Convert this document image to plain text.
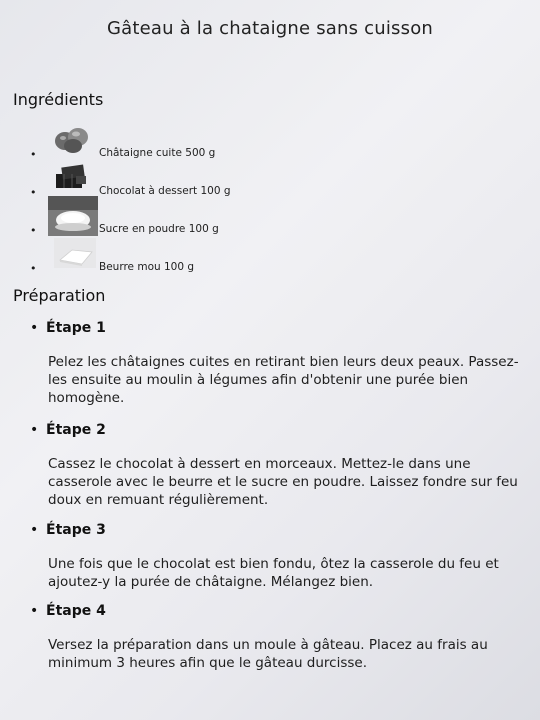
Gâteau à la chataigne sans cuisson
Ingrédients
•	Châtaigne cuite 500 g
•	Chocolat à dessert 100 g
•	Sucre en poudre 100 g
•	Beurre mou 100 g
Préparation
• Étape 1
Pelez les châtaignes cuites en retirant bien leurs deux peaux. Passez-les ensuite au moulin à légumes afin d'obtenir une purée bien homogène.
• Étape 2
Cassez le chocolat à dessert en morceaux. Mettez-le dans une casserole avec le beurre et le sucre en poudre. Laissez fondre sur feu doux en remuant régulièrement.
• Étape 3
Une fois que le chocolat est bien fondu, ôtez la casserole du feu et ajoutez-y la purée de châtaigne. Mélangez bien.
• Étape 4
Versez la préparation dans un moule à gâteau. Placez au frais au minimum 3 heures afin que le gâteau durcisse.
